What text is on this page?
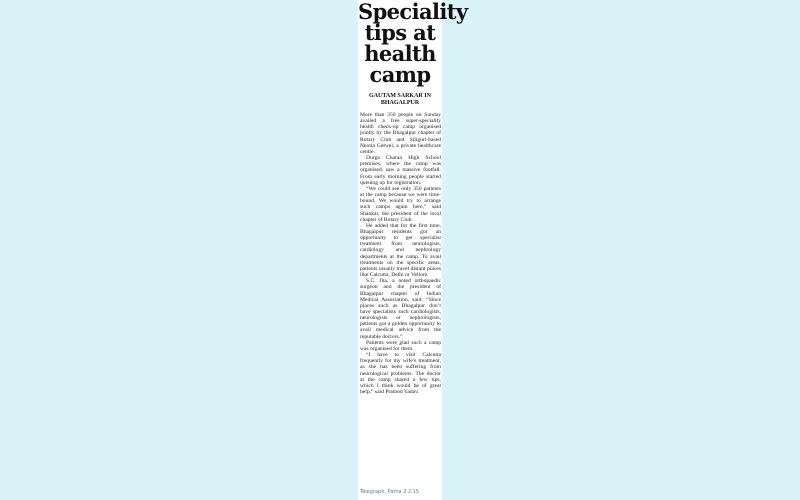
Speciality tips at health camp
GAUTAM SARKAR IN BHAGALPUR

More than 350 people on Sunday availed a free super-speciality health check-up camp organised jointly by the Bhagalpur chapter of Rotary Club and Siliguri-based Neotia Getwel, a private healthcare centre.

Durga Charan High School premises, where the camp was organised, saw a massive footfall. From early morning people started queuing up for registration.

“We could see only 350 patients at the camp because we were time-bound. We would try to arrange such camps again here,” said Shankar, the president of the local chapter of Rotary Club.

He added that for the first time, Bhagalpur residents got an opportunity to get specialist treatment from neurologists, cardiology and nephrology departments at the camp. To avail treatments on the specific areas, patients usually travel distant places like Calcutta, Delhi or Vellore.

S.C. Jha, a noted orthopaedic surgeon and the president of Bhagalpur chapter of Indian Medical Association, said: “Since places such as Bhagalpur don’t have specialists such cardiologists, neurologists or nephrologists, patients got a golden opportunity to avail medical advice from the reputable doctors.”

Patients were glad such a camp was organised for them.

“I have to visit Calcutta frequently for my wife’s treatment, as she has been suffering from neurological problems. The doctor at the camp shared a few tips, which I think would be of great help,” said Pramod Yadav.

Telegraph, Patna 2.2.15
